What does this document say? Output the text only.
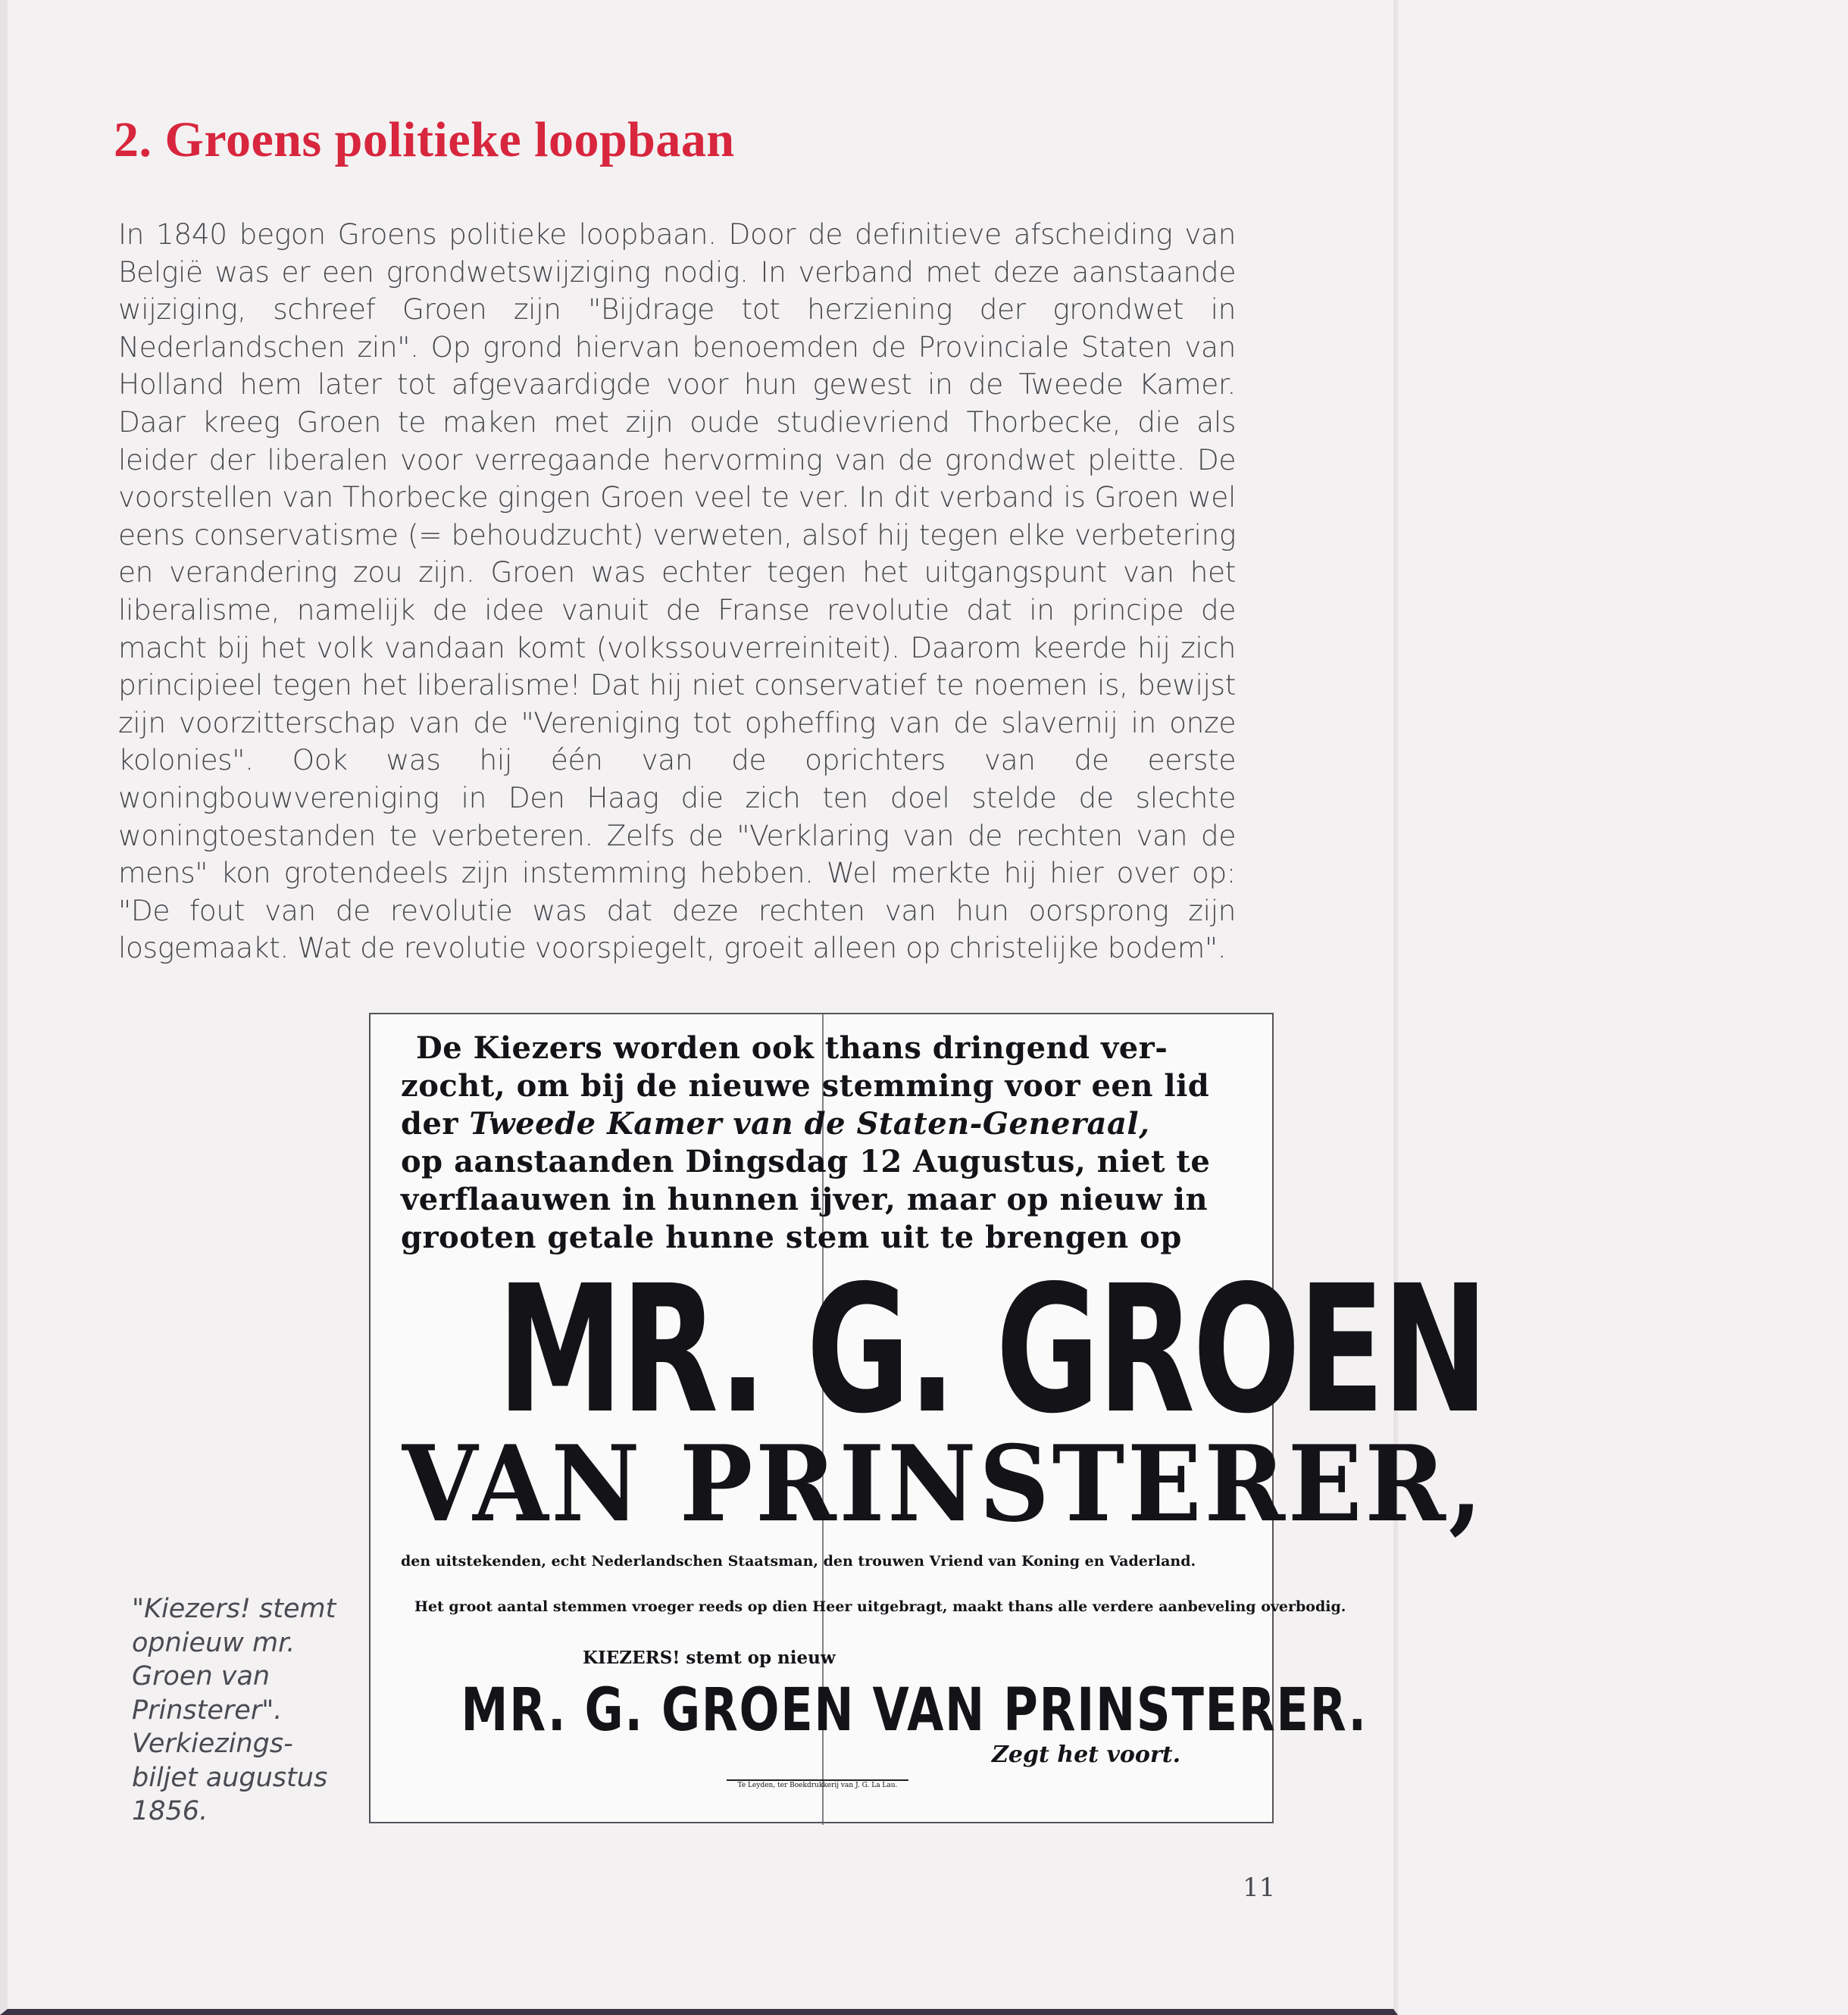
2. Groens politieke loopbaan

In 1840 begon Groens politieke loopbaan. Door de definitieve afscheiding van België was er een grondwetswijziging nodig. In verband met deze aanstaande wijziging, schreef Groen zijn "Bijdrage tot herziening der grondwet in Nederlandschen zin". Op grond hiervan benoemden de Provinciale Staten van Holland hem later tot afgevaardigde voor hun gewest in de Tweede Kamer. Daar kreeg Groen te maken met zijn oude studievriend Thorbecke, die als leider der liberalen voor verregaande hervorming van de grondwet pleitte. De voorstellen van Thorbecke gingen Groen veel te ver. In dit verband is Groen wel eens conservatisme (= behoudzucht) verweten, alsof hij tegen elke verbetering en verandering zou zijn. Groen was echter tegen het uitgangspunt van het liberalisme, namelijk de idee vanuit de Franse revolutie dat in principe de macht bij het volk vandaan komt (volkssouverreiniteit). Daarom keerde hij zich principieel tegen het liberalisme! Dat hij niet conservatief te noemen is, bewijst zijn voorzitterschap van de "Vereniging tot opheffing van de slavernij in onze kolonies". Ook was hij één van de oprichters van de eerste woningbouwvereniging in Den Haag die zich ten doel stelde de slechte woningtoestanden te verbeteren. Zelfs de "Verklaring van de rechten van de mens" kon grotendeels zijn instemming hebben. Wel merkte hij hier over op: "De fout van de revolutie was dat deze rechten van hun oorsprong zijn losgemaakt. Wat de revolutie voorspiegelt, groeit alleen op christelijke bodem".

De Kiezers worden ook thans dringend ver-
zocht, om bij de nieuwe stemming voor een lid
der Tweede Kamer van de Staten-Generaal,
op aanstaanden Dingsdag 12 Augustus, niet te
verflaauwen in hunnen ijver, maar op nieuw in
grooten getale hunne stem uit te brengen op
MR. G. GROEN
VAN PRINSTERER,
den uitstekenden, echt Nederlandschen Staatsman, den trouwen Vriend van Koning en Vaderland.
Het groot aantal stemmen vroeger reeds op dien Heer uitgebragt, maakt thans alle verdere aanbeveling overbodig.
KIEZERS! stemt op nieuw
MR. G. GROEN VAN PRINSTERER.
Zegt het voort.
Te Leyden, ter Boekdrukkerij van J. G. La Lau.

"Kiezers! stemt opnieuw mr. Groen van Prinsterer". Verkiezings-biljet augustus 1856.

11
